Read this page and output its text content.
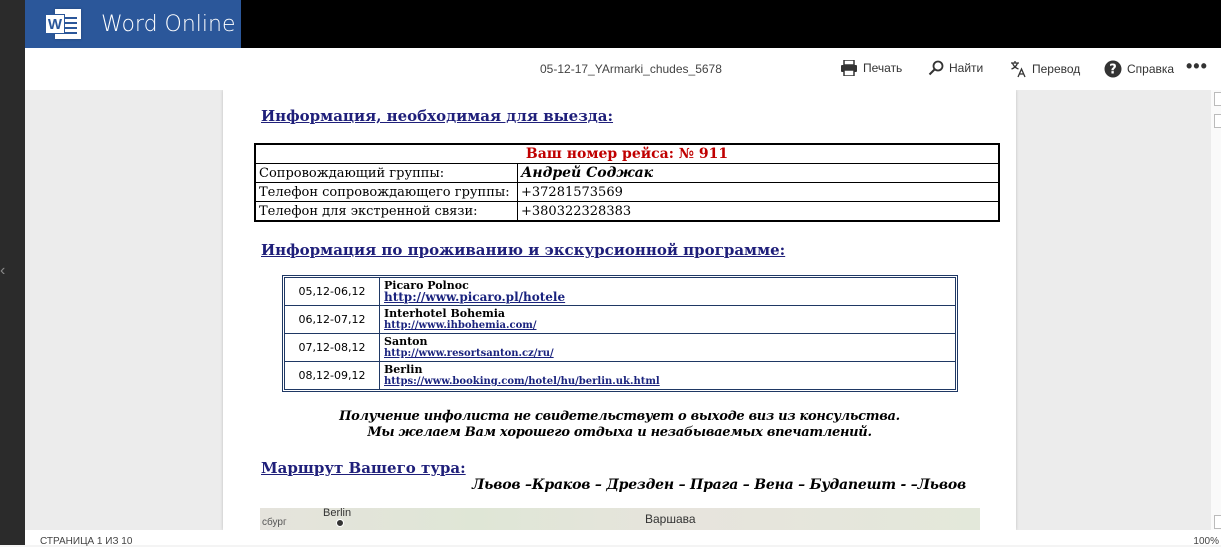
‹
W Word Online
05-12-17_YArmarki_chudes_5678	Печать	Найти	Перевод ? Справка •••
Информация, необходимая для выезда:
Ваш номер рейса: № 911	
Сопровождающий группы:	Андрей Соджак
Телефон сопровождающего группы:	+37281573569
Телефон для экстренной связи:	+380322328383
Информация по проживанию и экскурсионной программе:
05,12-06,12	Picaro Polnoc
http://www.picaro.pl/hotele

06,12-07,12	Interhotel Bohemia
http://www.ihbohemia.com/

07,12-08,12	Santon
http://www.resortsanton.cz/ru/

08,12-09,12	Berlin
https://www.booking.com/hotel/hu/berlin.uk.html
Получение инфолиста не свидетельствует о выходе виз из консульства.
Мы желаем Вам хорошего отдыха и незабываемых впечатлений.
Маршрут Вашего тура:
Львов –Краков – Дрезден – Прага – Вена – Будапешт - –Львов
сбург
Berlin	Варшава
СТРАНИЦА 1 ИЗ 10	100%
